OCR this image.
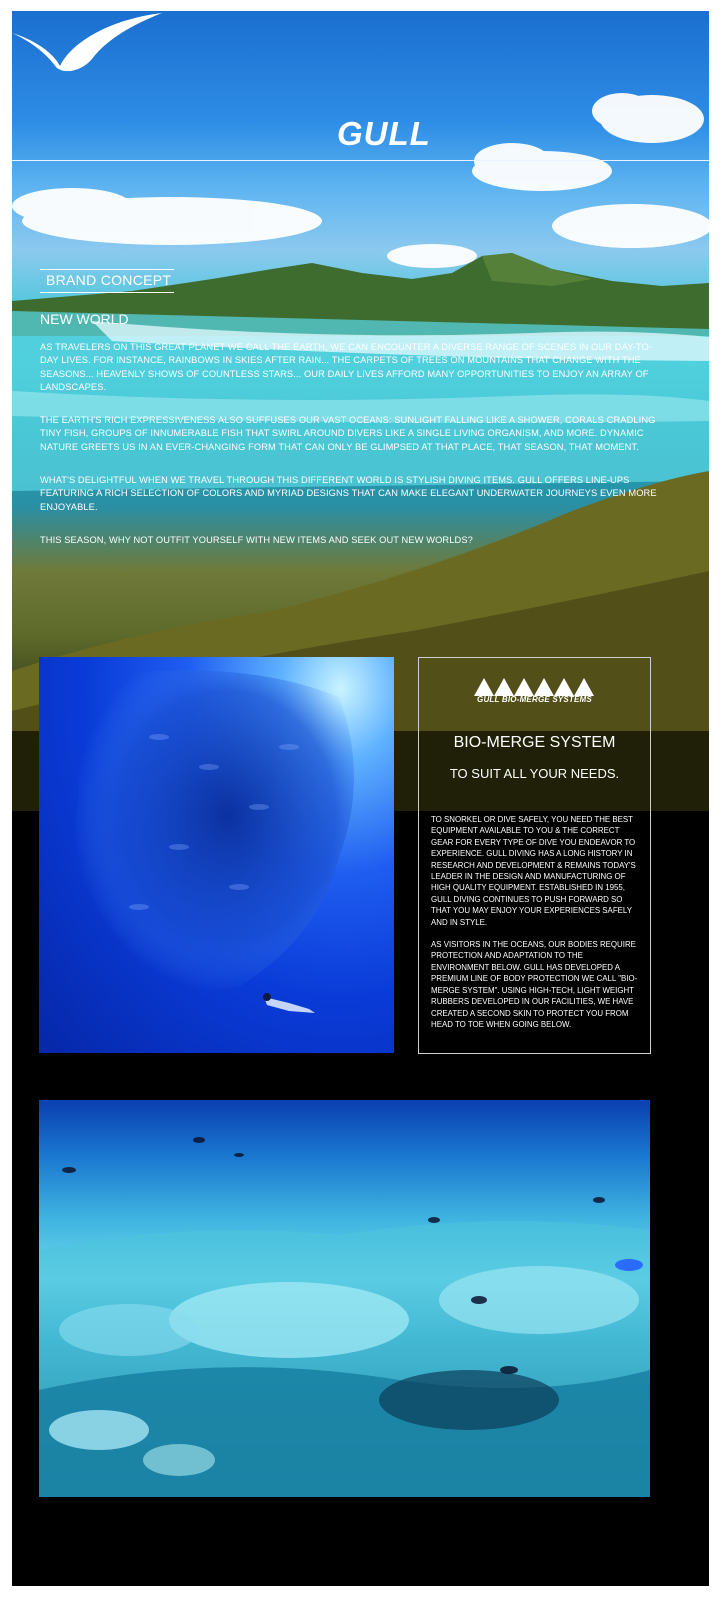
GULL
BRAND CONCEPT
NEW WORLD

AS TRAVELERS ON THIS GREAT PLANET WE CALL THE EARTH, WE CAN ENCOUNTER A DIVERSE RANGE OF SCENES IN OUR DAY-TO-DAY LIVES. FOR INSTANCE, RAINBOWS IN SKIES AFTER RAIN... THE CARPETS OF TREES ON MOUNTAINS THAT CHANGE WITH THE SEASONS... HEAVENLY SHOWS OF COUNTLESS STARS... OUR DAILY LIVES AFFORD MANY OPPORTUNITIES TO ENJOY AN ARRAY OF LANDSCAPES.

THE EARTH'S RICH EXPRESSIVENESS ALSO SUFFUSES OUR VAST OCEANS: SUNLIGHT FALLING LIKE A SHOWER, CORALS CRADLING TINY FISH, GROUPS OF INNUMERABLE FISH THAT SWIRL AROUND DIVERS LIKE A SINGLE LIVING ORGANISM, AND MORE. DYNAMIC NATURE GREETS US IN AN EVER-CHANGING FORM THAT CAN ONLY BE GLIMPSED AT THAT PLACE, THAT SEASON, THAT MOMENT.

WHAT'S DELIGHTFUL WHEN WE TRAVEL THROUGH THIS DIFFERENT WORLD IS STYLISH DIVING ITEMS. GULL OFFERS LINE-UPS FEATURING A RICH SELECTION OF COLORS AND MYRIAD DESIGNS THAT CAN MAKE ELEGANT UNDERWATER JOURNEYS EVEN MORE ENJOYABLE.

THIS SEASON, WHY NOT OUTFIT YOURSELF WITH NEW ITEMS AND SEEK OUT NEW WORLDS?

GULL BIO-MERGE SYSTEMS
BIO-MERGE SYSTEM
TO SUIT ALL YOUR NEEDS.

TO SNORKEL OR DIVE SAFELY, YOU NEED THE BEST EQUIPMENT AVAILABLE TO YOU & THE CORRECT GEAR FOR EVERY TYPE OF DIVE YOU ENDEAVOR TO EXPERIENCE. GULL DIVING HAS A LONG HISTORY IN RESEARCH AND DEVELOPMENT & REMAINS TODAY'S LEADER IN THE DESIGN AND MANUFACTURING OF HIGH QUALITY EQUIPMENT. ESTABLISHED IN 1955, GULL DIVING CONTINUES TO PUSH FORWARD SO THAT YOU MAY ENJOY YOUR EXPERIENCES SAFELY AND IN STYLE.

AS VISITORS IN THE OCEANS, OUR BODIES REQUIRE PROTECTION AND ADAPTATION TO THE ENVIRONMENT BELOW. GULL HAS DEVELOPED A PREMIUM LINE OF BODY PROTECTION WE CALL "BIO-MERGE SYSTEM". USING HIGH-TECH, LIGHT WEIGHT RUBBERS DEVELOPED IN OUR FACILITIES, WE HAVE CREATED A SECOND SKIN TO PROTECT YOU FROM HEAD TO TOE WHEN GOING BELOW.
